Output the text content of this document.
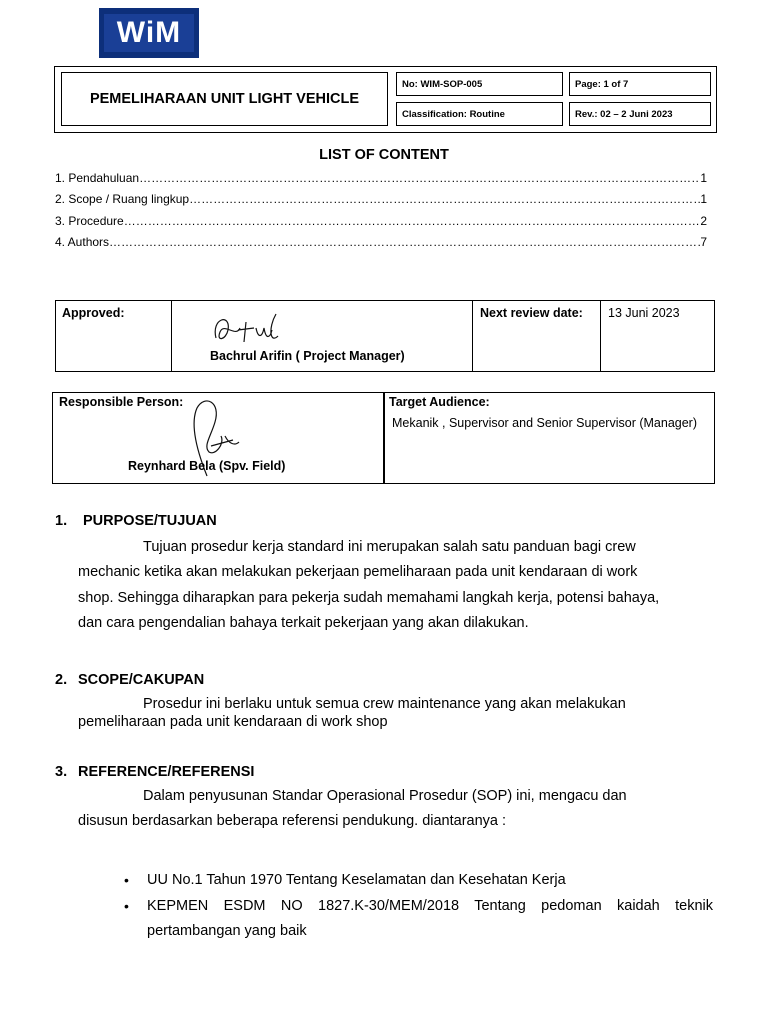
WiM
PEMELIHARAAN UNIT LIGHT VEHICLE
No: WIM-SOP-005	Page: 1 of 7
Classification: Routine	Rev.: 02 – 2 Juni 2023
LIST OF CONTENT
1. Pendahuluan ……………………………………………………………………………………………………………………………………………………………………………………………………	1
2. Scope / Ruang lingkup ……………………………………………………………………………………………………………………………………………………………………………………………………	1
3. Procedure ……………………………………………………………………………………………………………………………………………………………………………………………………	2
4. Authors ……………………………………………………………………………………………………………………………………………………………………………………………………	7
Approved:
Bachrul Arifin ( Project Manager)
Next review date: 13 Juni 2023
Responsible Person:
Reynhard Bela (Spv. Field)
Target Audience:
Mekanik , Supervisor and Senior Supervisor (Manager)
1. PURPOSE/TUJUAN
Tujuan prosedur kerja standard ini merupakan salah satu panduan bagi crew
mechanic ketika akan melakukan pekerjaan pemeliharaan pada unit kendaraan di work
shop. Sehingga diharapkan para pekerja sudah memahami langkah kerja, potensi bahaya,
dan cara pengendalian bahaya terkait pekerjaan yang akan dilakukan.
2. SCOPE/CAKUPAN
Prosedur ini berlaku untuk semua crew maintenance yang akan melakukan
pemeliharaan pada unit kendaraan di work shop
3. REFERENCE/REFERENSI
Dalam penyusunan Standar Operasional Prosedur (SOP) ini, mengacu dan
disusun berdasarkan beberapa referensi pendukung. diantaranya :
• UU No.1 Tahun 1970 Tentang Keselamatan dan Kesehatan Kerja
• KEPMEN ESDM NO 1827.K-30/MEM/2018 Tentang pedoman kaidah teknik
pertambangan yang baik
